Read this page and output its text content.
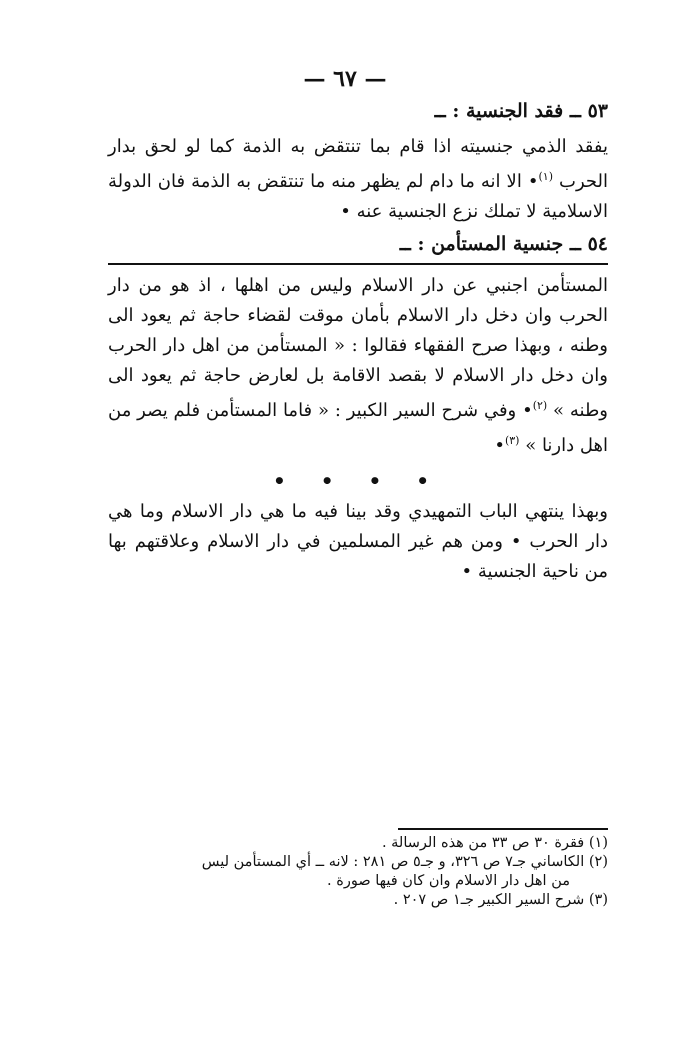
— ٦٧ —

٥٣ ــ فقد الجنسية : ــ

يفقد الذمي جنسيته اذا قام بما تنتقض به الذمة كما لو لحق بدار الحرب $^{(١)}$• الا انه ما دام لم يظهر منه ما تنتقض به الذمة فان الدولة الاسلامية لا تملك نزع الجنسية عنه •

٥٤ ــ جنسية المستأمن : ــ

المستأمن اجنبي عن دار الاسلام وليس من اهلها ، اذ هو من دار الحرب وان دخل دار الاسلام بأمان موقت لقضاء حاجة ثم يعود الى وطنه ، وبهذا صرح الفقهاء فقالوا : « المستأمن من اهل دار الحرب وان دخل دار الاسلام لا بقصد الاقامة بل لعارض حاجة ثم يعود الى وطنه » $^{(٢)}$• وفي شرح السير الكبير : « فاما المستأمن فلم يصر من اهل دارنا » $^{(٣)}$•

• • • •

وبهذا ينتهي الباب التمهيدي وقد بينا فيه ما هي دار الاسلام وما هي دار الحرب • ومن هم غير المسلمين في دار الاسلام وعلاقتهم بها من ناحية الجنسية •

(١) فقرة ٣٠ ص ٣٣ من هذه الرسالة .

(٢) الكاساني جـ٧ ص ٣٢٦، و جـ٥ ص ٢٨١ : لانه ــ أي المستأمن ليس
من اهل دار الاسلام وان كان فيها صورة .

(٣) شرح السير الكبير جـ١ ص ٢٠٧ .
